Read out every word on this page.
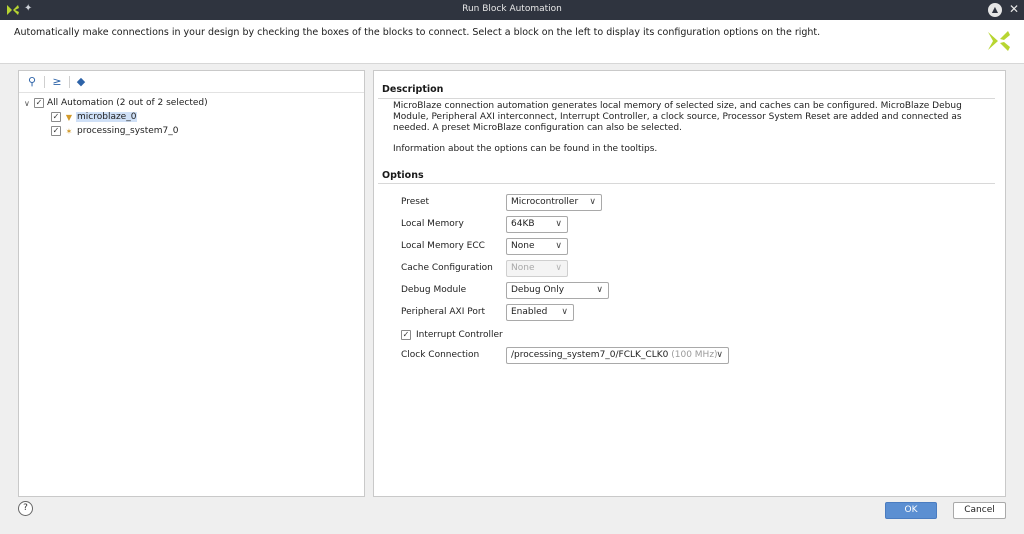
✦	Run Block Automation	▲ ✕
Automatically make connections in your design by checking the boxes of the blocks to connect. Select a block on the left to display its configuration options on the right.
⚲ ≥ ◆
∨ ✓ All Automation (2 out of 2 selected)
✓ ▼ microblaze_0
✓ ✶ processing_system7_0
Description
MicroBlaze connection automation generates local memory of selected size, and caches can be configured. MicroBlaze Debug Module, Peripheral AXI interconnect, Interrupt Controller, a clock source, Processor System Reset are added and connected as needed. A preset MicroBlaze configuration can also be selected.
Information about the options can be found in the tooltips.
Options
Preset	Microcontroller ∨
Local Memory	64KB ∨
Local Memory ECC	None ∨
Cache Configuration	None ∨
Debug Module	Debug Only	∨
Peripheral AXI Port	Enabled ∨
✓ Interrupt Controller
Clock Connection	/processing_system7_0/FCLK_CLK0 (100 MHz)
∨
?	OK	Cancel
